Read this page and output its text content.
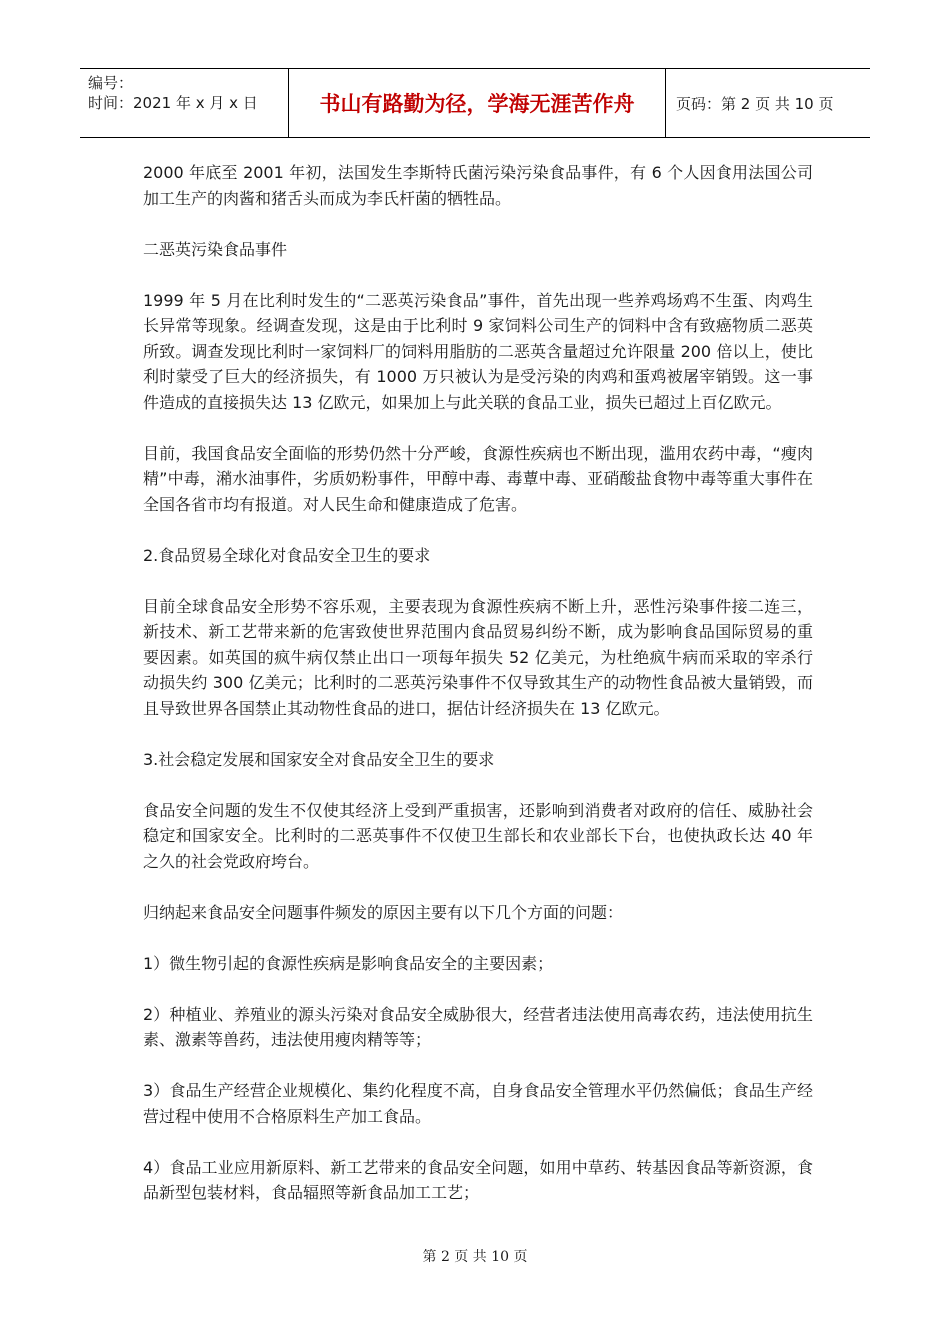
编号：
时间：2021 年 x 月 x 日	书山有路勤为径，学海无涯苦作舟	页码：第 2 页 共 10 页

2000 年底至 2001 年初，法国发生李斯特氏菌污染污染食品事件，有 6 个人因食用法国公司加工生产的肉酱和猪舌头而成为李氏杆菌的牺牲品。

二恶英污染食品事件

1999 年 5 月在比利时发生的“二恶英污染食品”事件，首先出现一些养鸡场鸡不生蛋、肉鸡生长异常等现象。经调查发现，这是由于比利时 9 家饲料公司生产的饲料中含有致癌物质二恶英所致。调查发现比利时一家饲料厂的饲料用脂肪的二恶英含量超过允许限量 200 倍以上，使比利时蒙受了巨大的经济损失，有 1000 万只被认为是受污染的肉鸡和蛋鸡被屠宰销毁。这一事件造成的直接损失达 13 亿欧元，如果加上与此关联的食品工业，损失已超过上百亿欧元。

目前，我国食品安全面临的形势仍然十分严峻，食源性疾病也不断出现，滥用农药中毒，“瘦肉精”中毒，潲水油事件，劣质奶粉事件，甲醇中毒、毒蕈中毒、亚硝酸盐食物中毒等重大事件在全国各省市均有报道。对人民生命和健康造成了危害。

2.食品贸易全球化对食品安全卫生的要求

目前全球食品安全形势不容乐观，主要表现为食源性疾病不断上升，恶性污染事件接二连三，新技术、新工艺带来新的危害致使世界范围内食品贸易纠纷不断，成为影响食品国际贸易的重要因素。如英国的疯牛病仅禁止出口一项每年损失 52 亿美元，为杜绝疯牛病而采取的宰杀行动损失约 300 亿美元；比利时的二恶英污染事件不仅导致其生产的动物性食品被大量销毁，而且导致世界各国禁止其动物性食品的进口，据估计经济损失在 13 亿欧元。

3.社会稳定发展和国家安全对食品安全卫生的要求

食品安全问题的发生不仅使其经济上受到严重损害，还影响到消费者对政府的信任、威胁社会稳定和国家安全。比利时的二恶英事件不仅使卫生部长和农业部长下台，也使执政长达 40 年之久的社会党政府垮台。

归纳起来食品安全问题事件频发的原因主要有以下几个方面的问题：

1）微生物引起的食源性疾病是影响食品安全的主要因素；

2）种植业、养殖业的源头污染对食品安全威胁很大，经营者违法使用高毒农药，违法使用抗生素、激素等兽药，违法使用瘦肉精等等；

3）食品生产经营企业规模化、集约化程度不高，自身食品安全管理水平仍然偏低；食品生产经营过程中使用不合格原料生产加工食品。

4）食品工业应用新原料、新工艺带来的食品安全问题，如用中草药、转基因食品等新资源，食品新型包装材料，食品辐照等新食品加工工艺；

第 2 页 共 10 页
